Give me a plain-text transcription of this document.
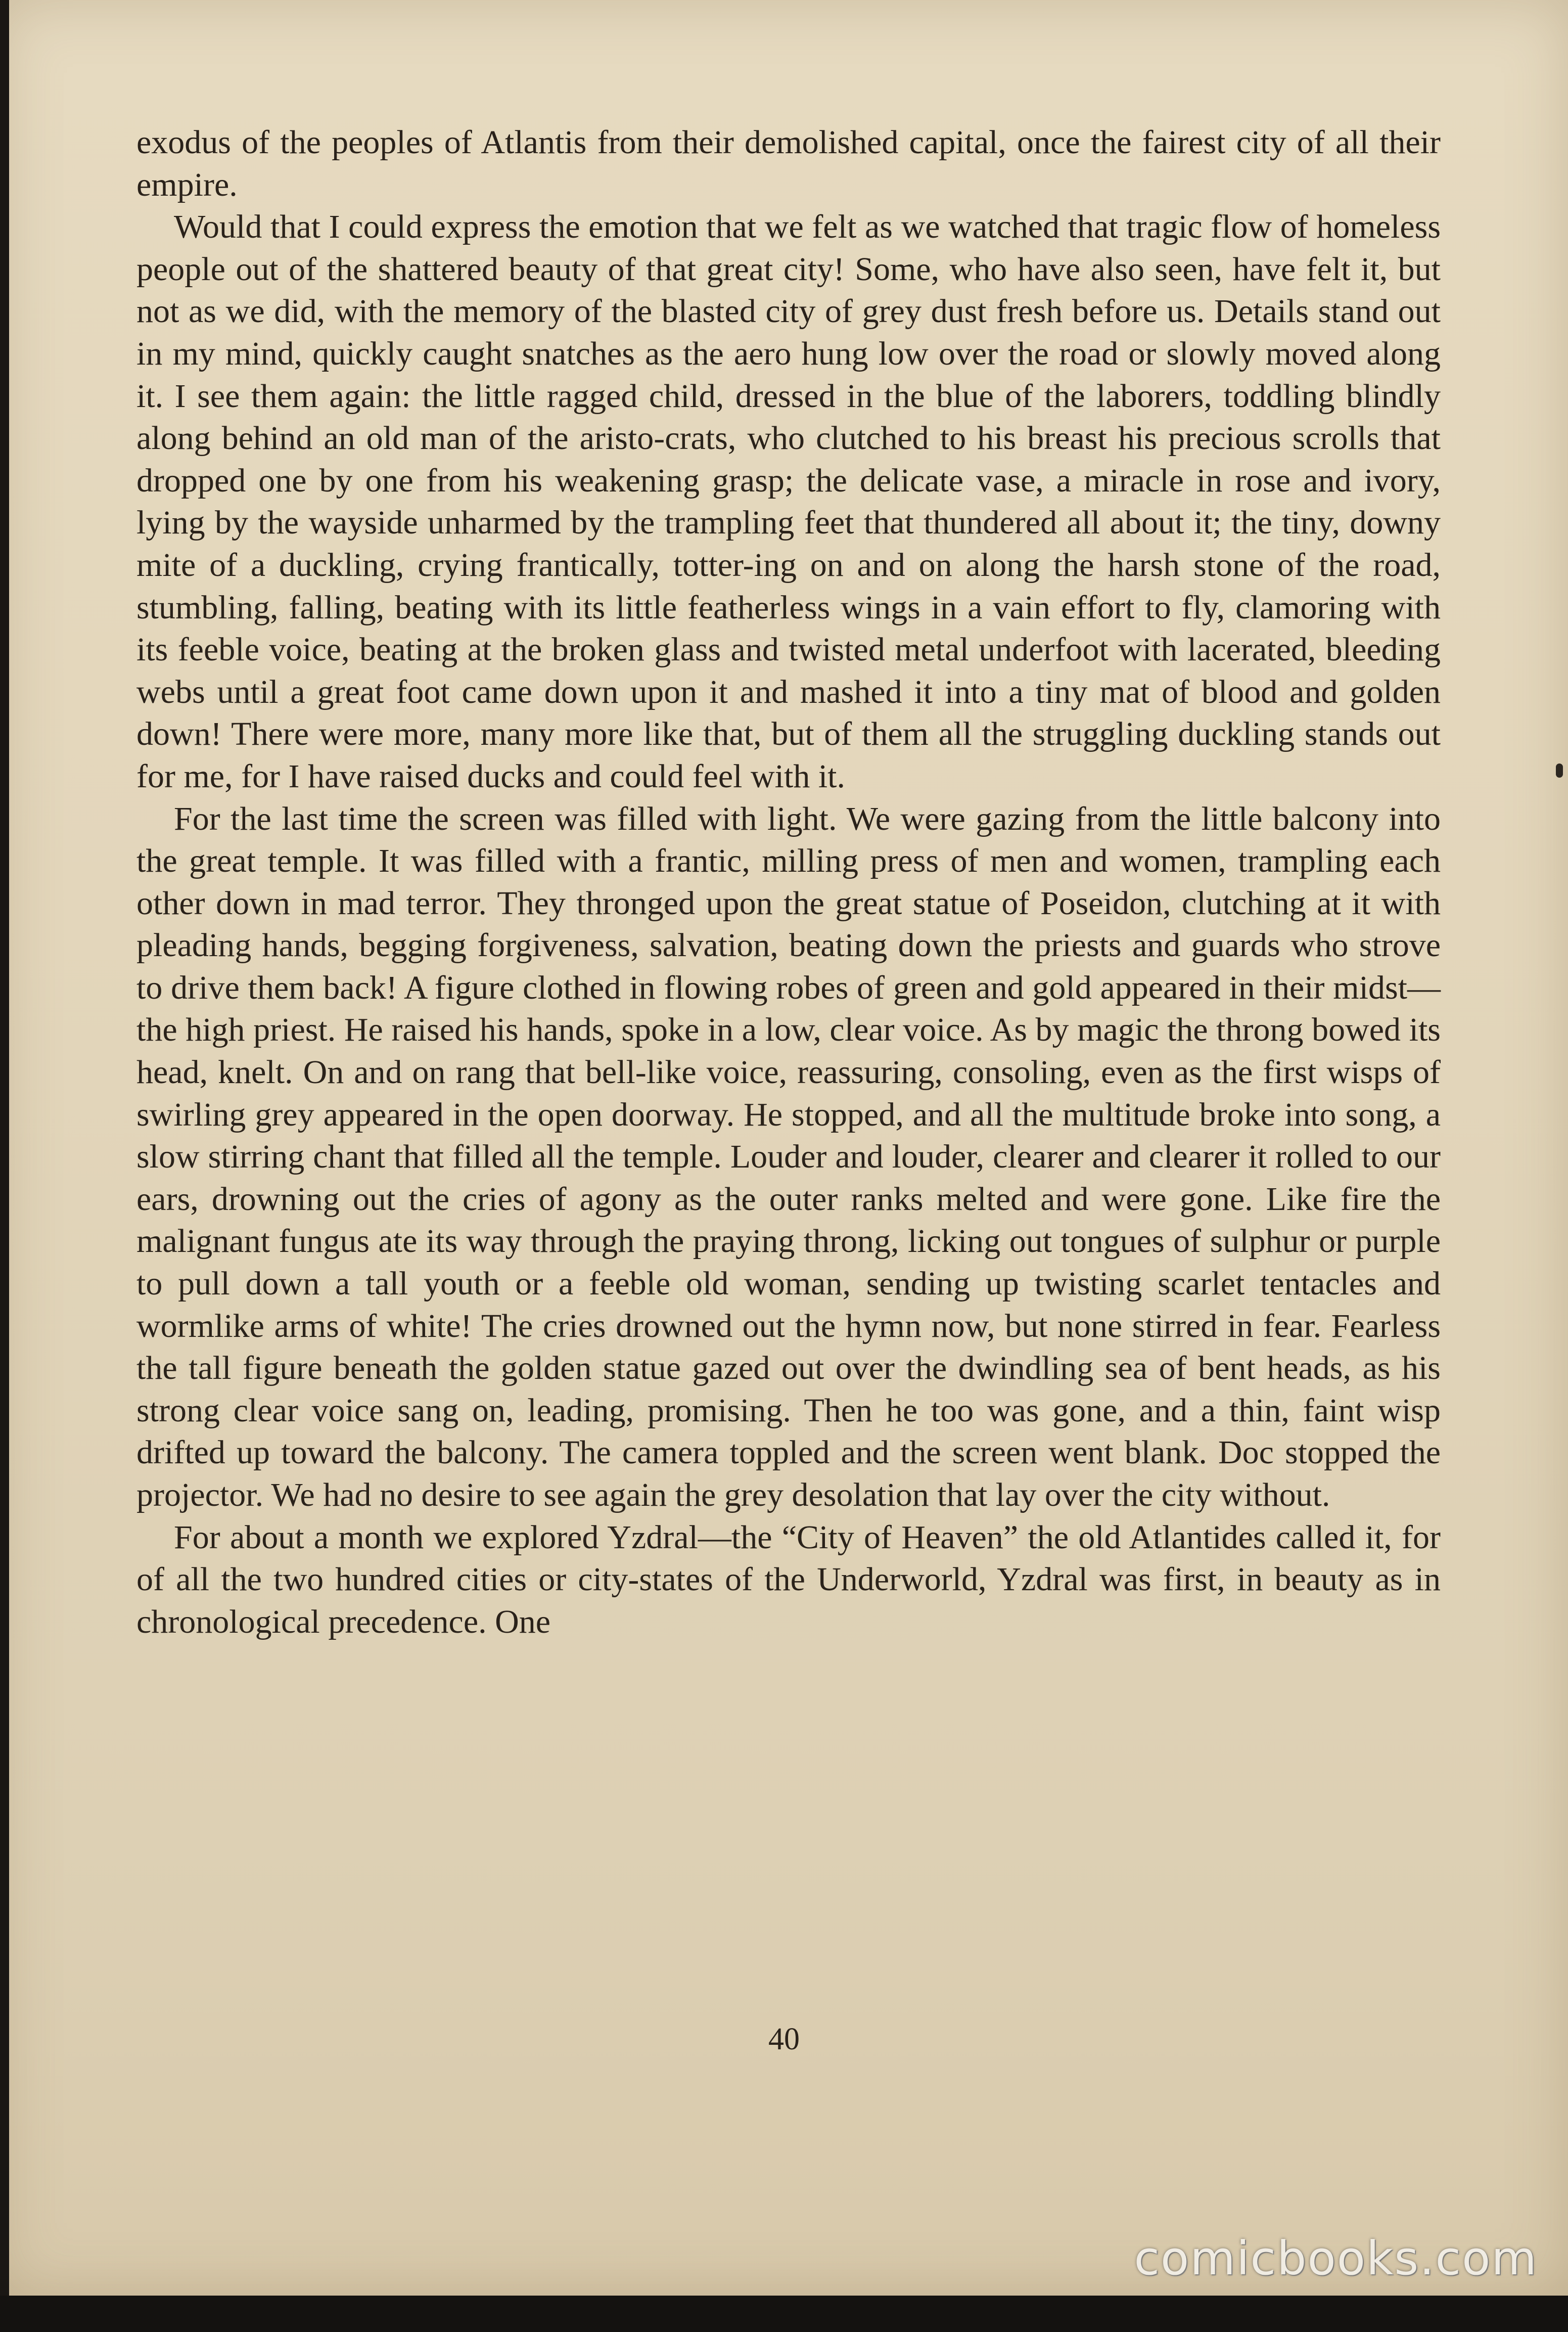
exodus of the peoples of Atlantis from their demolished capital, once the fairest city of all their empire.

Would that I could express the emotion that we felt as we watched that tragic flow of homeless people out of the shattered beauty of that great city! Some, who have also seen, have felt it, but not as we did, with the memory of the blasted city of grey dust fresh before us. Details stand out in my mind, quickly caught snatches as the aero hung low over the road or slowly moved along it. I see them again: the little ragged child, dressed in the blue of the laborers, toddling blindly along behind an old man of the aristo-crats, who clutched to his breast his precious scrolls that dropped one by one from his weakening grasp; the delicate vase, a miracle in rose and ivory, lying by the wayside unharmed by the trampling feet that thundered all about it; the tiny, downy mite of a duckling, crying frantically, totter-ing on and on along the harsh stone of the road, stumbling, falling, beating with its little featherless wings in a vain effort to fly, clamoring with its feeble voice, beating at the broken glass and twisted metal underfoot with lacerated, bleeding webs until a great foot came down upon it and mashed it into a tiny mat of blood and golden down! There were more, many more like that, but of them all the struggling duckling stands out for me, for I have raised ducks and could feel with it.

For the last time the screen was filled with light. We were gazing from the little balcony into the great temple. It was filled with a frantic, milling press of men and women, trampling each other down in mad terror. They thronged upon the great statue of Poseidon, clutching at it with pleading hands, begging forgiveness, salvation, beating down the priests and guards who strove to drive them back! A figure clothed in flowing robes of green and gold appeared in their midst—the high priest. He raised his hands, spoke in a low, clear voice. As by magic the throng bowed its head, knelt. On and on rang that bell-like voice, reassuring, consoling, even as the first wisps of swirling grey appeared in the open doorway. He stopped, and all the multitude broke into song, a slow stirring chant that filled all the temple. Louder and louder, clearer and clearer it rolled to our ears, drowning out the cries of agony as the outer ranks melted and were gone. Like fire the malignant fungus ate its way through the praying throng, licking out tongues of sulphur or purple to pull down a tall youth or a feeble old woman, sending up twisting scarlet tentacles and wormlike arms of white! The cries drowned out the hymn now, but none stirred in fear. Fearless the tall figure beneath the golden statue gazed out over the dwindling sea of bent heads, as his strong clear voice sang on, leading, promising. Then he too was gone, and a thin, faint wisp drifted up toward the balcony. The camera toppled and the screen went blank. Doc stopped the projector. We had no desire to see again the grey desolation that lay over the city without.

For about a month we explored Yzdral—the “City of Heaven” the old Atlantides called it, for of all the two hundred cities or city-states of the Underworld, Yzdral was first, in beauty as in chronological precedence. One

40
comicbooks.com
